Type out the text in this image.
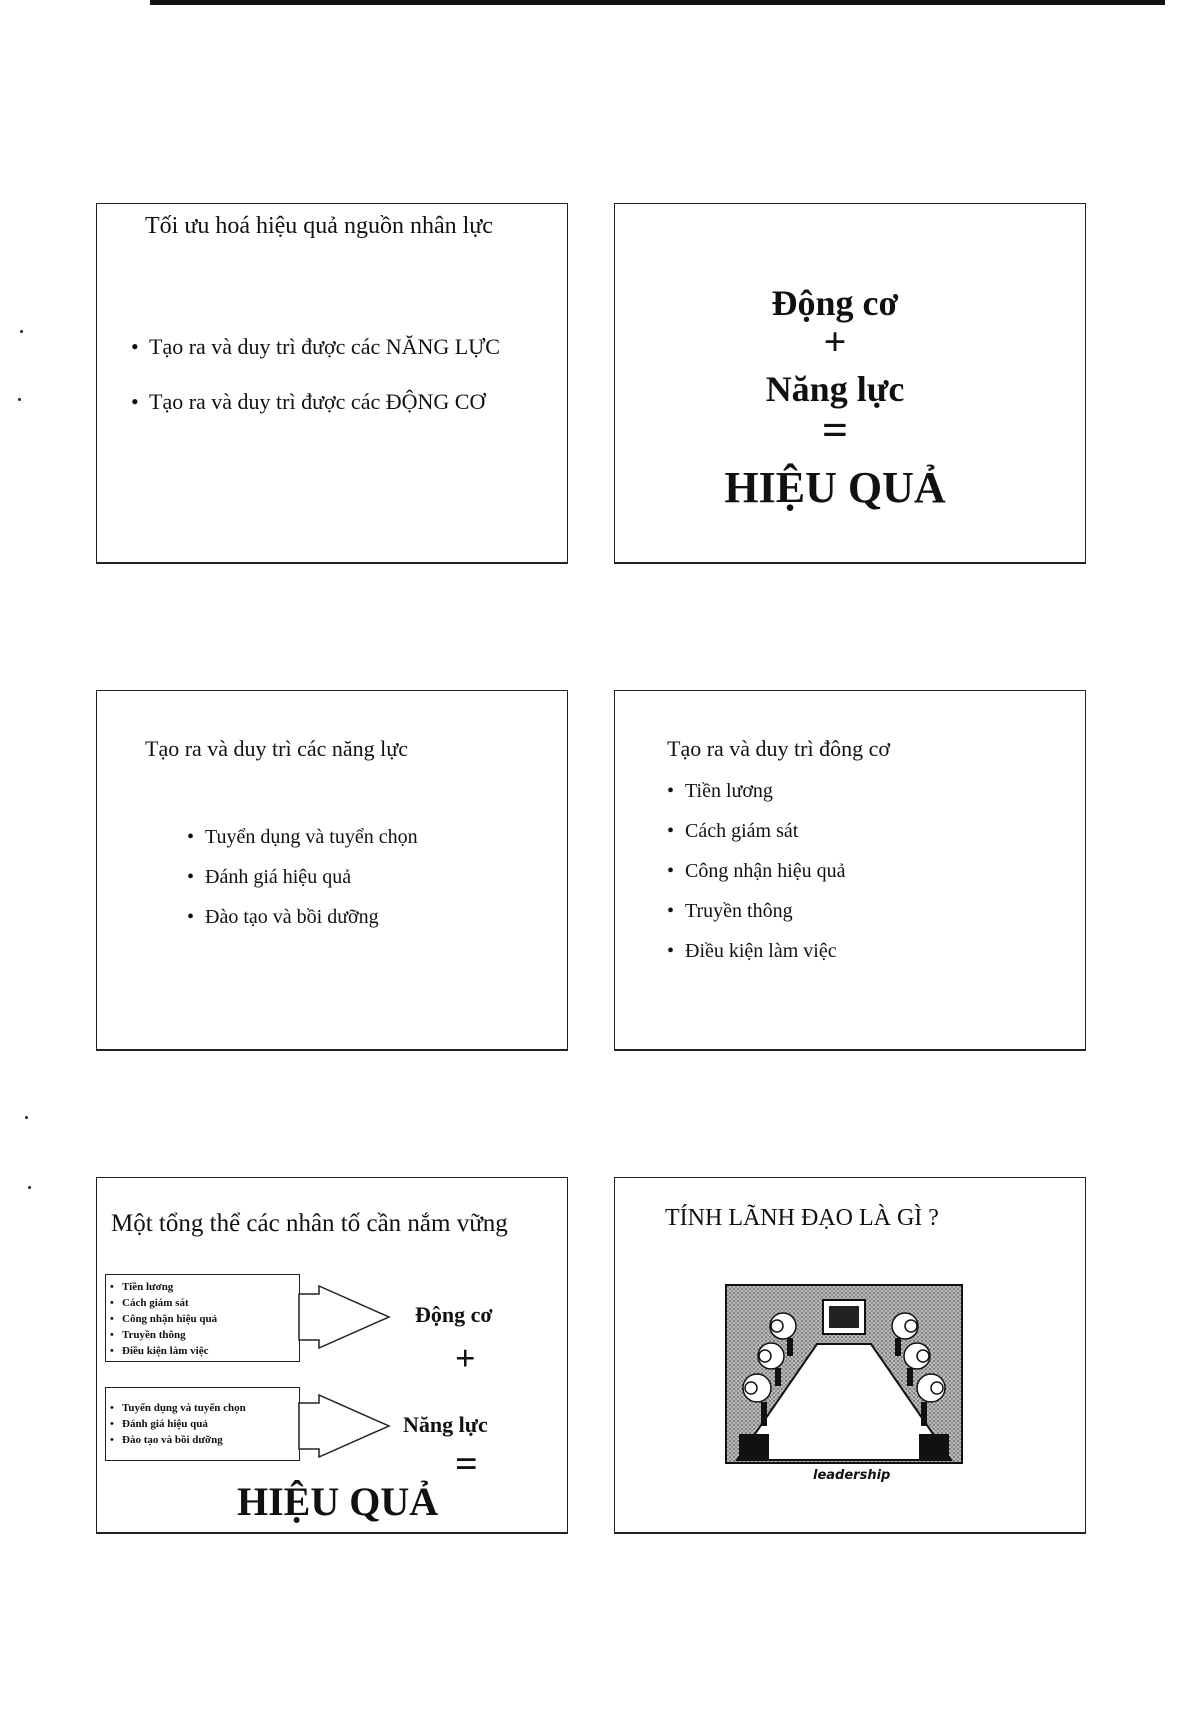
Tối ưu hoá hiệu quả nguồn nhân lực
• Tạo ra và duy trì được các NĂNG LỰC
• Tạo ra và duy trì được các ĐỘNG CƠ
Động cơ
+
Năng lực
=
HIỆU QUẢ
Tạo ra và duy trì các năng lực
• Tuyển dụng và tuyển chọn
• Đánh giá hiệu quả
• Đào tạo và bồi dưỡng
Tạo ra và duy trì đông cơ
• Tiền lương
• Cách giám sát
• Công nhận hiệu quả
• Truyền thông
• Điều kiện làm việc
Một tổng thể các nhân tố cần nắm vững
• Tiền lương
• Cách giám sát
• Công nhận hiệu quả
• Truyền thông
• Điều kiện làm việc
Động cơ
+
• Tuyển dụng và tuyển chọn
• Đánh giá hiệu quả
• Đào tạo và bồi dưỡng
Năng lực
=
HIỆU QUẢ
TÍNH LÃNH ĐẠO LÀ GÌ ?
leadership
